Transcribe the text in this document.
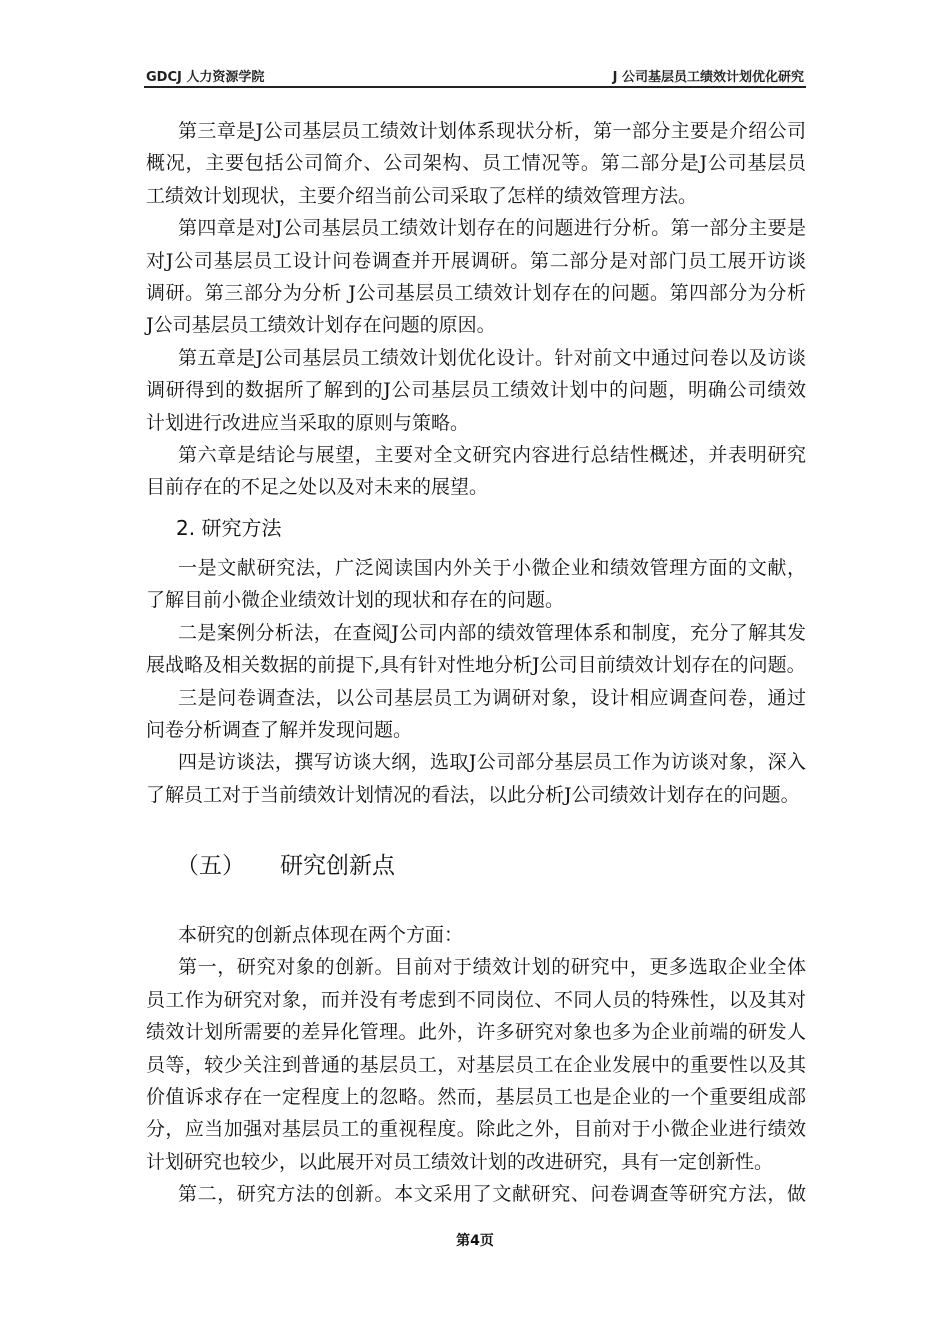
GDCJ 人力资源学院	J 公司基层员工绩效计划优化研究
第三章是J公司基层员工绩效计划体系现状分析，第一部分主要是介绍公司
概况，主要包括公司简介、公司架构、员工情况等。第二部分是J公司基层员
工绩效计划现状，主要介绍当前公司采取了怎样的绩效管理方法。
第四章是对J公司基层员工绩效计划存在的问题进行分析。第一部分主要是
对J公司基层员工设计问卷调查并开展调研。第二部分是对部门员工展开访谈
调研。第三部分为分析 J公司基层员工绩效计划存在的问题。第四部分为分析
J公司基层员工绩效计划存在问题的原因。
第五章是J公司基层员工绩效计划优化设计。针对前文中通过问卷以及访谈
调研得到的数据所了解到的J公司基层员工绩效计划中的问题，明确公司绩效
计划进行改进应当采取的原则与策略。
第六章是结论与展望，主要对全文研究内容进行总结性概述，并表明研究
目前存在的不足之处以及对未来的展望。
2. 研究方法
一是文献研究法，广泛阅读国内外关于小微企业和绩效管理方面的文献，
了解目前小微企业绩效计划的现状和存在的问题。
二是案例分析法，在查阅J公司内部的绩效管理体系和制度，充分了解其发
展战略及相关数据的前提下,具有针对性地分析J公司目前绩效计划存在的问题。
三是问卷调查法，以公司基层员工为调研对象，设计相应调查问卷，通过
问卷分析调查了解并发现问题。
四是访谈法，撰写访谈大纲，选取J公司部分基层员工作为访谈对象，深入
了解员工对于当前绩效计划情况的看法，以此分析J公司绩效计划存在的问题。
（五） 研究创新点
本研究的创新点体现在两个方面：
第一，研究对象的创新。目前对于绩效计划的研究中，更多选取企业全体
员工作为研究对象，而并没有考虑到不同岗位、不同人员的特殊性，以及其对
绩效计划所需要的差异化管理。此外，许多研究对象也多为企业前端的研发人
员等，较少关注到普通的基层员工，对基层员工在企业发展中的重要性以及其
价值诉求存在一定程度上的忽略。然而，基层员工也是企业的一个重要组成部
分，应当加强对基层员工的重视程度。除此之外，目前对于小微企业进行绩效
计划研究也较少，以此展开对员工绩效计划的改进研究，具有一定创新性。
第二，研究方法的创新。本文采用了文献研究、问卷调查等研究方法，做
第4页
